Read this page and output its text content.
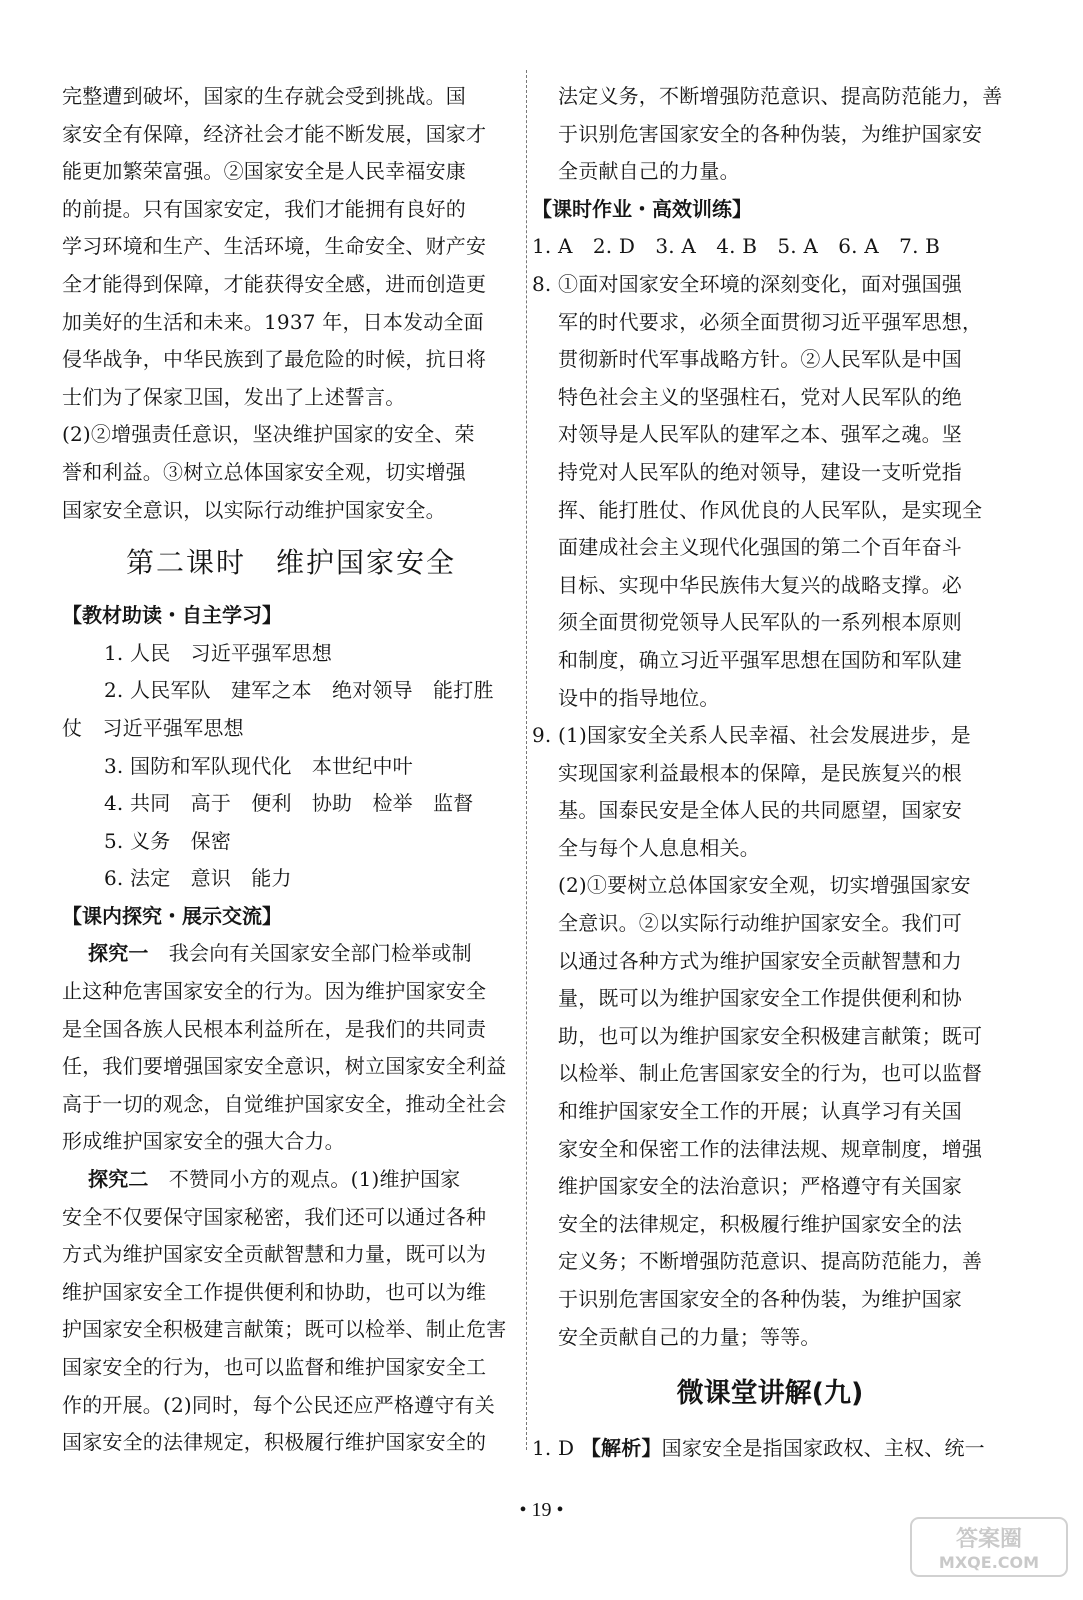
完整遭到破坏，国家的生存就会受到挑战。国
家安全有保障，经济社会才能不断发展，国家才
能更加繁荣富强。②国家安全是人民幸福安康
的前提。只有国家安定，我们才能拥有良好的
学习环境和生产、生活环境，生命安全、财产安
全才能得到保障，才能获得安全感，进而创造更
加美好的生活和未来。1937 年，日本发动全面
侵华战争，中华民族到了最危险的时候，抗日将
士们为了保家卫国，发出了上述誓言。
(2)②增强责任意识，坚决维护国家的安全、荣
誉和利益。③树立总体国家安全观，切实增强
国家安全意识，以实际行动维护国家安全。
第二课时　维护国家安全
【教材助读・自主学习】
1. 人民　习近平强军思想
2. 人民军队　建军之本　绝对领导　能打胜
仗　习近平强军思想
3. 国防和军队现代化　本世纪中叶
4. 共同　高于　便利　协助　检举　监督
5. 义务　保密
6. 法定　意识　能力
【课内探究・展示交流】
探究一　我会向有关国家安全部门检举或制
止这种危害国家安全的行为。因为维护国家安全
是全国各族人民根本利益所在，是我们的共同责
任，我们要增强国家安全意识，树立国家安全利益
高于一切的观念，自觉维护国家安全，推动全社会
形成维护国家安全的强大合力。
探究二　不赞同小方的观点。(1)维护国家
安全不仅要保守国家秘密，我们还可以通过各种
方式为维护国家安全贡献智慧和力量，既可以为
维护国家安全工作提供便利和协助，也可以为维
护国家安全积极建言献策；既可以检举、制止危害
国家安全的行为，也可以监督和维护国家安全工
作的开展。(2)同时，每个公民还应严格遵守有关
国家安全的法律规定，积极履行维护国家安全的
法定义务，不断增强防范意识、提高防范能力，善
于识别危害国家安全的各种伪装，为维护国家安
全贡献自己的力量。
【课时作业・高效训练】
1. A　2. D　3. A　4. B　5. A　6. A　7. B
8. ①面对国家安全环境的深刻变化，面对强国强
军的时代要求，必须全面贯彻习近平强军思想，
贯彻新时代军事战略方针。②人民军队是中国
特色社会主义的坚强柱石，党对人民军队的绝
对领导是人民军队的建军之本、强军之魂。坚
持党对人民军队的绝对领导，建设一支听党指
挥、能打胜仗、作风优良的人民军队，是实现全
面建成社会主义现代化强国的第二个百年奋斗
目标、实现中华民族伟大复兴的战略支撑。必
须全面贯彻党领导人民军队的一系列根本原则
和制度，确立习近平强军思想在国防和军队建
设中的指导地位。
9. (1)国家安全关系人民幸福、社会发展进步，是
实现国家利益最根本的保障，是民族复兴的根
基。国泰民安是全体人民的共同愿望，国家安
全与每个人息息相关。
(2)①要树立总体国家安全观，切实增强国家安
全意识。②以实际行动维护国家安全。我们可
以通过各种方式为维护国家安全贡献智慧和力
量，既可以为维护国家安全工作提供便利和协
助，也可以为维护国家安全积极建言献策；既可
以检举、制止危害国家安全的行为，也可以监督
和维护国家安全工作的开展；认真学习有关国
家安全和保密工作的法律法规、规章制度，增强
维护国家安全的法治意识；严格遵守有关国家
安全的法律规定，积极履行维护国家安全的法
定义务；不断增强防范意识、提高防范能力，善
于识别危害国家安全的各种伪装，为维护国家
安全贡献自己的力量；等等。
微课堂讲解(九)
1. D 【解析】国家安全是指国家政权、主权、统一
• 19 •
答案圈
MXQE.COM
